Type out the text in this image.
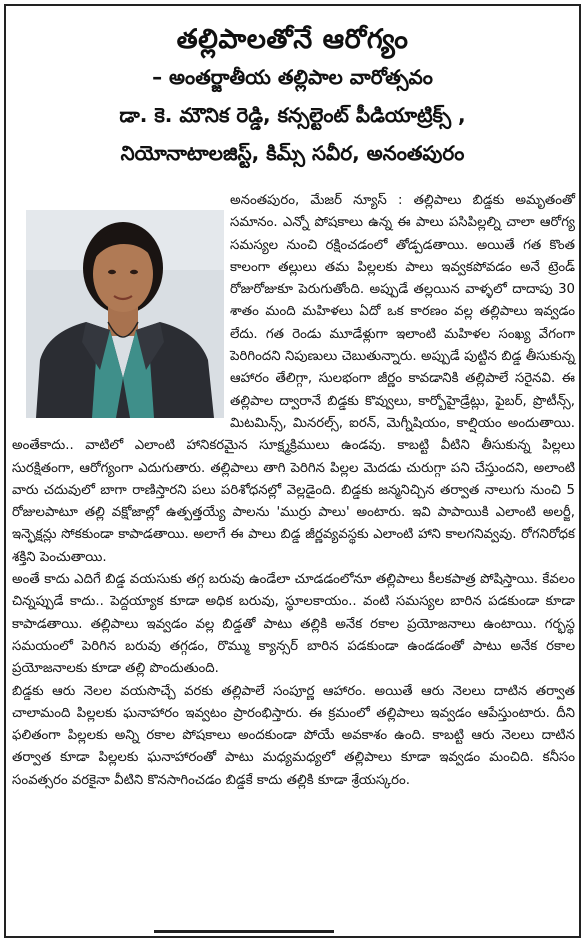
తల్లిపాలతోనే ఆరోగ్యం

– అంతర్జాతీయ తల్లిపాల వారోత్సవం

డా. కె. మౌనిక రెడ్డి, కన్సల్టెంట్ పీడియాట్రిక్స్ ,

నియోనాటాలజిస్ట్, కిమ్స్ సవీర, అనంతపురం

అనంతపురం, మేజర్ న్యూస్ : తల్లిపాలు బిడ్డకు అమృతంతో సమానం. ఎన్నో పోషకాలు ఉన్న ఈ పాలు పసిపిల్లల్ని చాలా ఆరోగ్య సమస్యల నుంచి రక్షించడంలో తోడ్పడతాయి. అయితే గత కొంత కాలంగా తల్లులు తమ పిల్లలకు పాలు ఇవ్వకపోవడం అనే ట్రెండ్ రోజురోజుకూ పెరుగుతోంది. అప్పుడే తల్లయిన వాళ్ళలో దాదాపు 30 శాతం మంది మహిళలు ఏదో ఒక కారణం వల్ల తల్లిపాలు ఇవ్వడం లేదు. గత రెండు మూడేళ్లుగా ఇలాంటి మహిళల సంఖ్య వేగంగా పెరిగిందని నిపుణులు చెబుతున్నారు. అప్పుడే పుట్టిన బిడ్డ తీసుకున్న ఆహారం తేలిగ్గా, సులభంగా జీర్ణం కావడానికి తల్లిపాలే సరైనవి. ఈ తల్లిపాల ద్వారానే బిడ్డకు కొవ్వులు, కార్బోహైడ్రేట్లు, ఫైబర్, ప్రొటీన్స్, మిటమిన్స్, మినరల్స్, ఐరన్, మెగ్నీషియం, కాల్షియం అందుతాయి. అంతేకాదు.. వాటిలో ఎలాంటి హానికరమైన సూక్ష్మక్రిములు ఉండవు. కాబట్టి వీటిని తీసుకున్న పిల్లలు సురక్షితంగా, ఆరోగ్యంగా ఎదుగుతారు. తల్లిపాలు తాగి పెరిగిన పిల్లల మెదడు చురుగ్గా పని చేస్తుందని, అలాంటి వారు చదువులో బాగా రాణిస్తారని పలు పరిశోధనల్లో వెల్లడైంది. బిడ్డకు జన్మనిచ్చిన తర్వాత నాలుగు నుంచి 5 రోజులపాటూ తల్లి వక్షోజాల్లో ఉత్పత్తయ్యే పాలను 'ముర్రు పాలు' అంటారు. ఇవి పాపాయికి ఎలాంటి అలర్జీ, ఇన్ఫెక్షన్లు సోకకుండా కాపాడతాయి. అలాగే ఈ పాలు బిడ్డ జీర్ణవ్యవస్థకు ఎలాంటి హాని కాలగనివ్వవు. రోగనిరోధక శక్తిని పెంచుతాయి.

అంతే కాదు ఎదిగే బిడ్డ వయసుకు తగ్గ బరువు ఉండేలా చూడడంలోనూ తల్లిపాలు కీలకపాత్ర పోషిస్తాయి. కేవలం చిన్నప్పుడే కాదు.. పెద్దయ్యాక కూడా అధిక బరువు, స్థూలకాయం.. వంటి సమస్యల బారిన పడకుండా కూడా కాపాడతాయి. తల్లిపాలు ఇవ్వడం వల్ల బిడ్డతో పాటు తల్లికి అనేక రకాల ప్రయోజనాలు ఉంటాయి. గర్భస్థ సమయంలో పెరిగిన బరువు తగ్గడం, రొమ్ము క్యాన్సర్ బారిన పడకుండా ఉండడంతో పాటు అనేక రకాల ప్రయోజనాలకు కూడా తల్లి పొందుతుంది.

బిడ్డకు ఆరు నెలల వయసొచ్చే వరకు తల్లిపాలే సంపూర్ణ ఆహారం. అయితే ఆరు నెలలు దాటిన తర్వాత చాలామంది పిల్లలకు ఘనాహారం ఇవ్వటం ప్రారంభిస్తారు. ఈ క్రమంలో తల్లిపాలు ఇవ్వడం ఆపేస్తుంటారు. దీని ఫలితంగా పిల్లలకు అన్ని రకాల పోషకాలు అందకుండా పోయే అవకాశం ఉంది. కాబట్టి ఆరు నెలలు దాటిన తర్వాత కూడా పిల్లలకు ఘనాహారంతో పాటు మధ్యమధ్యలో తల్లిపాలు కూడా ఇవ్వడం మంచిది. కనీసం సంవత్సరం వరకైనా వీటిని కొనసాగించడం బిడ్డకే కాదు తల్లికి కూడా శ్రేయస్కరం.
